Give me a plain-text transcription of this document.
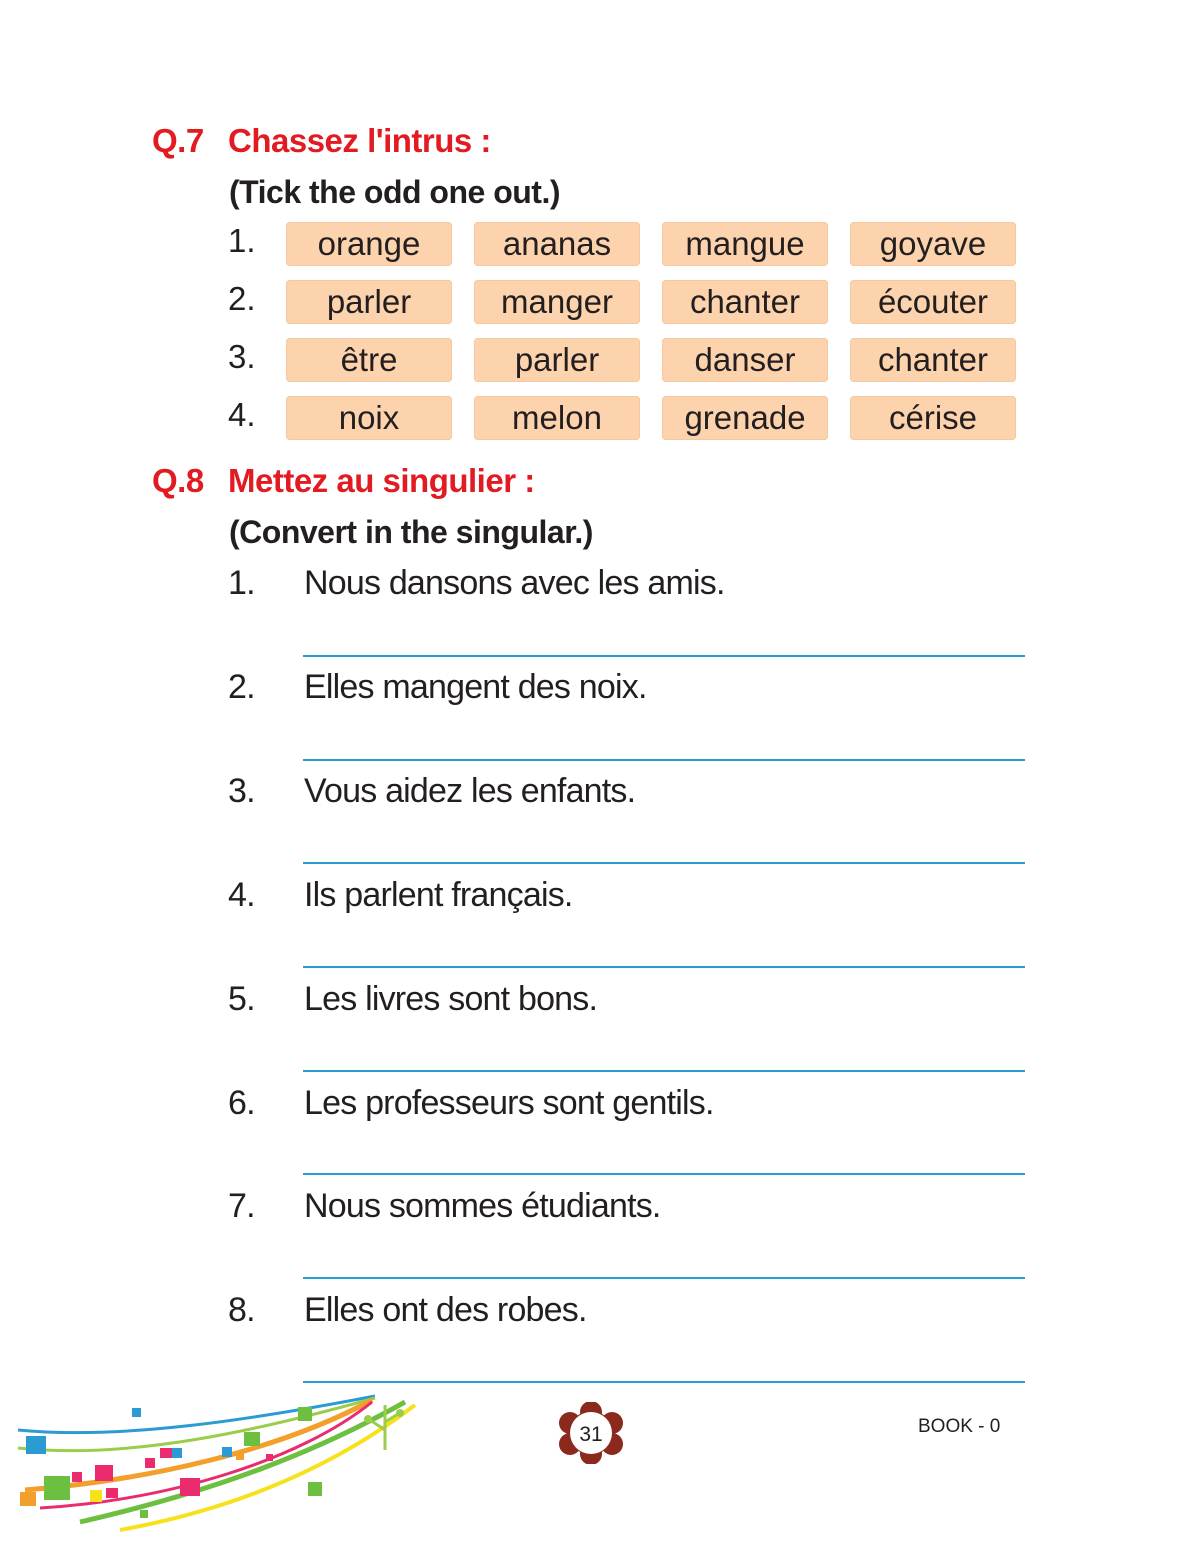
Q.7 Chassez l'intrus :
(Tick the odd one out.)
1.	orange	ananas	mangue	goyave
2.	parler	manger	chanter	écouter
3.	être	parler	danser	chanter
4.	noix	melon	grenade	cérise
Q.8 Mettez au singulier :
(Convert in the singular.)
1. Nous dansons avec les amis.
2. Elles mangent des noix.
3. Vous aidez les enfants.
4. Ils parlent français.
5. Les livres sont bons.
6. Les professeurs sont gentils.
7. Nous sommes étudiants.
8. Elles ont des robes.
31	BOOK - 0
